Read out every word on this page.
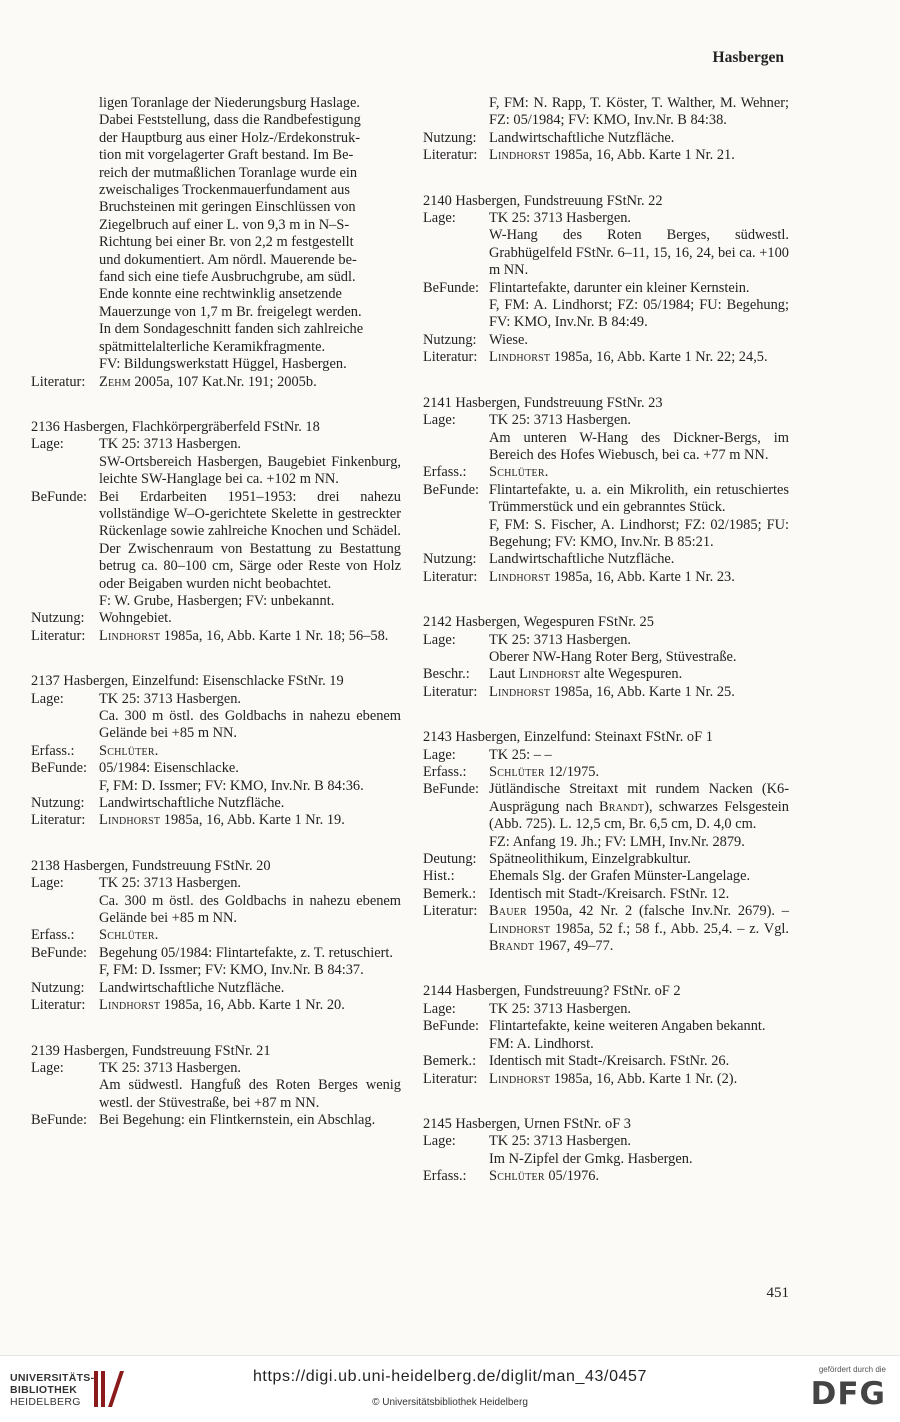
Hasbergen
ligen Toranlage der Niederungsburg Haslage.
Dabei Feststellung, dass die Randbefestigung
der Hauptburg aus einer Holz-/Erdekonstruk-
tion mit vorgelagerter Graft bestand. Im Be-
reich der mutmaßlichen Toranlage wurde ein
zweischaliges Trockenmauerfundament aus
Bruchsteinen mit geringen Einschlüssen von
Ziegelbruch auf einer L. von 9,3 m in N–S-
Richtung bei einer Br. von 2,2 m festgestellt
und dokumentiert. Am nördl. Mauerende be-
fand sich eine tiefe Ausbruchgrube, am südl.
Ende konnte eine rechtwinklig ansetzende
Mauerzunge von 1,7 m Br. freigelegt werden.
In dem Sondageschnitt fanden sich zahlreiche
spätmittelalterliche Keramikfragmente.
FV: Bildungswerkstatt Hüggel, Hasbergen.
Literatur: Zehm 2005a, 107 Kat.Nr. 191; 2005b.
2136 Hasbergen, Flachkörpergräberfeld FStNr. 18
Lage:	TK 25: 3713 Hasbergen.
SW-Ortsbereich Hasbergen, Baugebiet Finkenburg, leichte SW-Hanglage bei ca. +102 m NN.
BeFunde: Bei Erdarbeiten 1951–1953: drei nahezu vollständige W–O-gerichtete Skelette in gestreckter Rückenlage sowie zahlreiche Knochen und Schädel. Der Zwischenraum von Bestattung zu Bestattung betrug ca. 80–100 cm, Särge oder Reste von Holz oder Beigaben wurden nicht beobachtet.
F: W. Grube, Hasbergen; FV: unbekannt.
Nutzung:	Wohngebiet.
Literatur: Lindhorst 1985a, 16, Abb. Karte 1 Nr. 18; 56–58.
2137 Hasbergen, Einzelfund: Eisenschlacke FStNr. 19
Lage:	TK 25: 3713 Hasbergen.
Ca. 300 m östl. des Goldbachs in nahezu ebenem Gelände bei +85 m NN.
Erfass.:	Schlüter.
BeFunde: 05/1984: Eisenschlacke.
F, FM: D. Issmer; FV: KMO, Inv.Nr. B 84:36.
Nutzung:	Landwirtschaftliche Nutzfläche.
Literatur: Lindhorst 1985a, 16, Abb. Karte 1 Nr. 19.
2138 Hasbergen, Fundstreuung FStNr. 20
Lage:	TK 25: 3713 Hasbergen.
Ca. 300 m östl. des Goldbachs in nahezu ebenem Gelände bei +85 m NN.
Erfass.:	Schlüter.
BeFunde: Begehung 05/1984: Flintartefakte, z. T. retuschiert.
F, FM: D. Issmer; FV: KMO, Inv.Nr. B 84:37.
Nutzung:	Landwirtschaftliche Nutzfläche.
Literatur: Lindhorst 1985a, 16, Abb. Karte 1 Nr. 20.
2139 Hasbergen, Fundstreuung FStNr. 21
Lage:	TK 25: 3713 Hasbergen.
Am südwestl. Hangfuß des Roten Berges wenig westl. der Stüvestraße, bei +87 m NN.
BeFunde: Bei Begehung: ein Flintkernstein, ein Abschlag.
F, FM: N. Rapp, T. Köster, T. Walther, M. Wehner; FZ: 05/1984; FV: KMO, Inv.Nr. B 84:38.
Nutzung: Landwirtschaftliche Nutzfläche.
Literatur: Lindhorst 1985a, 16, Abb. Karte 1 Nr. 21.
2140 Hasbergen, Fundstreuung FStNr. 22
Lage:	TK 25: 3713 Hasbergen.
W-Hang des Roten Berges, südwestl. Grabhügelfeld FStNr. 6–11, 15, 16, 24, bei ca. +100 m NN.
BeFunde: Flintartefakte, darunter ein kleiner Kernstein.
F, FM: A. Lindhorst; FZ: 05/1984; FU: Begehung; FV: KMO, Inv.Nr. B 84:49.
Nutzung: Wiese.
Literatur: Lindhorst 1985a, 16, Abb. Karte 1 Nr. 22; 24,5.
2141 Hasbergen, Fundstreuung FStNr. 23
Lage:	TK 25: 3713 Hasbergen.
Am unteren W-Hang des Dickner-Bergs, im Bereich des Hofes Wiebusch, bei ca. +77 m NN.
Erfass.:	Schlüter.
BeFunde: Flintartefakte, u. a. ein Mikrolith, ein retuschiertes Trümmerstück und ein gebranntes Stück.
F, FM: S. Fischer, A. Lindhorst; FZ: 02/1985; FU: Begehung; FV: KMO, Inv.Nr. B 85:21.
Nutzung: Landwirtschaftliche Nutzfläche.
Literatur: Lindhorst 1985a, 16, Abb. Karte 1 Nr. 23.
2142 Hasbergen, Wegespuren FStNr. 25
Lage:	TK 25: 3713 Hasbergen.
Oberer NW-Hang Roter Berg, Stüvestraße.
Beschr.:	Laut Lindhorst alte Wegespuren.
Literatur: Lindhorst 1985a, 16, Abb. Karte 1 Nr. 25.
2143 Hasbergen, Einzelfund: Steinaxt FStNr. oF 1
Lage:	TK 25: – –
Erfass.:	Schlüter 12/1975.
BeFunde: Jütländische Streitaxt mit rundem Nacken (K6-Ausprägung nach Brandt), schwarzes Felsgestein (Abb. 725). L. 12,5 cm, Br. 6,5 cm, D. 4,0 cm.
FZ: Anfang 19. Jh.; FV: LMH, Inv.Nr. 2879.
Deutung: Spätneolithikum, Einzelgrabkultur.
Hist.:	Ehemals Slg. der Grafen Münster-Langelage.
Bemerk.: Identisch mit Stadt-/Kreisarch. FStNr. 12.
Literatur: Bauer 1950a, 42 Nr. 2 (falsche Inv.Nr. 2679). – Lindhorst 1985a, 52 f.; 58 f., Abb. 25,4. – z. Vgl. Brandt 1967, 49–77.
2144 Hasbergen, Fundstreuung? FStNr. oF 2
Lage:	TK 25: 3713 Hasbergen.
BeFunde: Flintartefakte, keine weiteren Angaben bekannt.
FM: A. Lindhorst.
Bemerk.: Identisch mit Stadt-/Kreisarch. FStNr. 26.
Literatur: Lindhorst 1985a, 16, Abb. Karte 1 Nr. (2).
2145 Hasbergen, Urnen FStNr. oF 3
Lage:	TK 25: 3713 Hasbergen.
Im N-Zipfel der Gmkg. Hasbergen.
Erfass.:	Schlüter 05/1976.
451
UNIVERSITÄTS-
BIBLIOTHEK
HEIDELBERG
https://digi.ub.uni-heidelberg.de/diglit/man_43/0457
© Universitätsbibliothek Heidelberg
gefördert durch die
DFG
